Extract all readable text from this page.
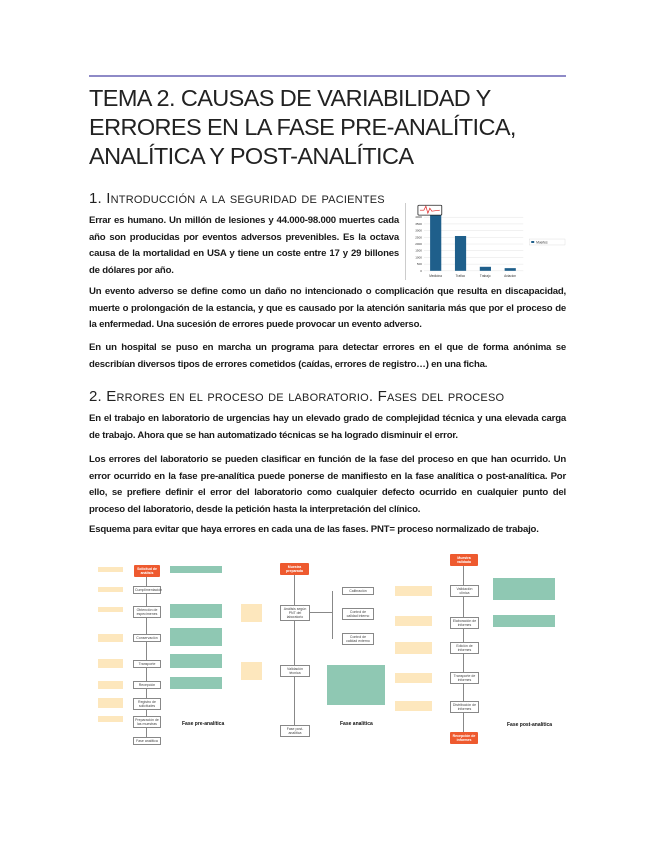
TEMA 2. CAUSAS DE VARIABILIDAD Y ERRORES EN LA FASE PRE-ANALÍTICA, ANALÍTICA Y POST-ANALÍTICA
1. Introducción a la seguridad de pacientes

Errar es humano. Un millón de lesiones y 44.000-98.000 muertes cada año son producidas por eventos adversos prevenibles. Es la octava causa de la mortalidad en USA y tiene un coste entre 17 y 29 billones de dólares por año.	0
500
1000
1500
2000
2500
3000
3500
4000
Medicina	Trafico	Trabajo	Aviacion
Muertes

Un evento adverso se define como un daño no intencionado o complicación que resulta en discapacidad, muerte o prolongación de la estancia, y que es causado por la atención sanitaria más que por el proceso de la enfermedad. Una sucesión de errores puede provocar un evento adverso.

En un hospital se puso en marcha un programa para detectar errores en el que de forma anónima se describían diversos tipos de errores cometidos (caídas, errores de registro…) en una ficha.

2. Errores en el proceso de laboratorio. Fases del proceso

En el trabajo en laboratorio de urgencias hay un elevado grado de complejidad técnica y una elevada carga de trabajo. Ahora que se han automatizado técnicas se ha logrado disminuir el error.

Los errores del laboratorio se pueden clasificar en función de la fase del proceso en que han ocurrido. Un error ocurrido en la fase pre-analítica puede ponerse de manifiesto en la fase analítica o post-analítica. Por ello, se prefiere definir el error del laboratorio como cualquier defecto ocurrido en cualquier punto del proceso del laboratorio, desde la petición hasta la interpretación del clínico.

Esquema para evitar que haya errores en cada una de las fases. PNT= proceso normalizado de trabajo.

Solicitud de análisis
Cumplimentación
Obtención de especímenes
Conservación
Transporte
Recepción
Registro de solicitudes
Preparación de las muestras
Fase analítica
Fase pre-analítica
Muestra preparada
Análisis según PNT del laboratorio
Calibración
Control de calidad interno
Control de calidad externo
Validación técnica
Fase post-analítica
Fase analítica
Muestra validada
Validación clínica
Elaboración de informes
Edición de informes
Transporte de informes
Distribución de informes
Recepción de informes
Fase post-analítica
